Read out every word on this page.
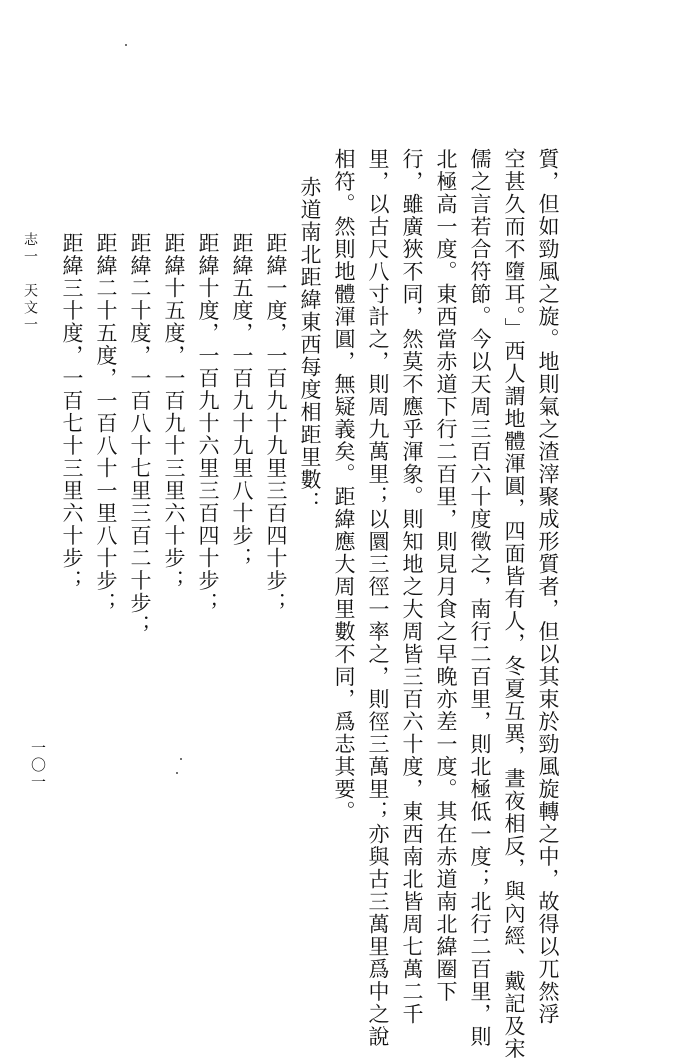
質，但如勁風之旋。地則氣之渣滓聚成形質者，但以其束於勁風旋轉之中，故得以兀然浮
空甚久而不墮耳。」西人謂地體渾圓，四面皆有人，冬夏互異，晝夜相反，與內經、戴記及宋
儒之言若合符節。今以天周三百六十度徵之，南行二百里，則北極低一度；北行二百里，則
北極高一度。東西當赤道下行二百里，則見月食之早晚亦差一度。其在赤道南北緯圈下
行，雖廣狹不同，然莫不應乎渾象。則知地之大周皆三百六十度，東西南北皆周七萬二千
里，以古尺八寸計之，則周九萬里；以圜三徑一率之，則徑三萬里；亦與古三萬里爲中之說
相符。然則地體渾圓，無疑義矣。距緯應大周里數不同，爲志其要。
赤道南北距緯東西每度相距里數：
距緯一度，一百九十九里三百四十步；
距緯五度，一百九十九里八十步；
距緯十度，一百九十六里三百四十步；
距緯十五度，一百九十三里六十步；
距緯二十度，一百八十七里三百二十步；
距緯二十五度，一百八十一里八十步；
距緯三十度，一百七十三里六十步；
志一　天文一
一〇一
